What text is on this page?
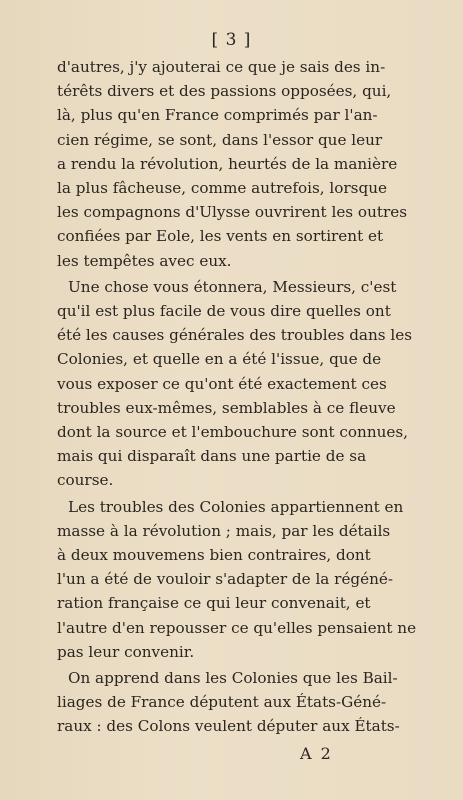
[ 3 ]
d'autres, j'y ajouterai ce que je sais des in-
térêts divers et des passions opposées, qui,
là, plus qu'en France comprimés par l'an-
cien régime, se sont, dans l'essor que leur
a rendu la révolution, heurtés de la manière
la plus fâcheuse, comme autrefois, lorsque
les compagnons d'Ulysse ouvrirent les outres
confiées par Eole, les vents en sortirent et
les tempêtes avec eux.
Une chose vous étonnera, Messieurs, c'est
qu'il est plus facile de vous dire quelles ont
été les causes générales des troubles dans les
Colonies, et quelle en a été l'issue, que de
vous exposer ce qu'ont été exactement ces
troubles eux-mêmes, semblables à ce fleuve
dont la source et l'embouchure sont connues,
mais qui disparaît dans une partie de sa
course.
Les troubles des Colonies appartiennent en
masse à la révolution ; mais, par les détails
à deux mouvemens bien contraires, dont
l'un a été de vouloir s'adapter de la régéné-
ration française ce qui leur convenait, et
l'autre d'en repousser ce qu'elles pensaient ne
pas leur convenir.
On apprend dans les Colonies que les Bail-
liages de France députent aux États-Géné-
raux : des Colons veulent députer aux États-
A 2
